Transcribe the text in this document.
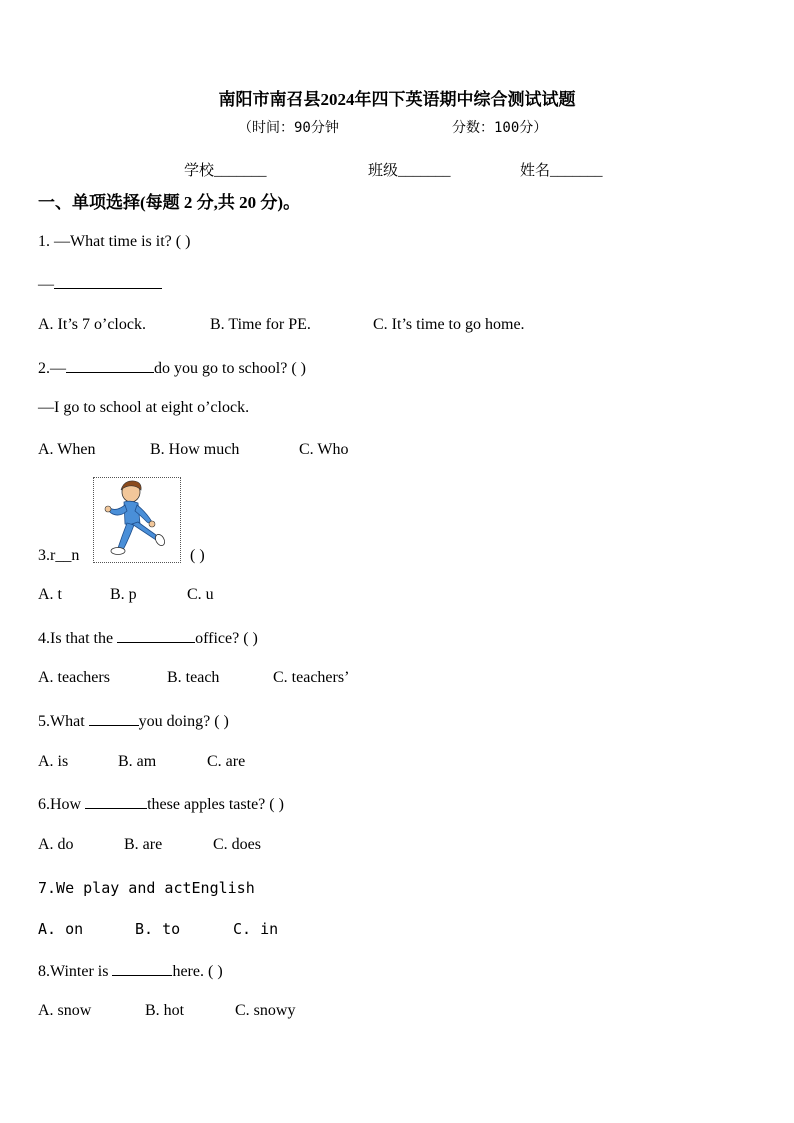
南阳市南召县2024年四下英语期中综合测试试题
（时间：90分钟	分数：100分）
学校_______	班级_______	姓名_______
一、单项选择(每题 2 分,共 20 分)。
1. —What time is it? ( )
—
A. It’s 7 o’clock.	B. Time for PE.	C. It’s time to go home.
2.—	do you go to school? ( )
—I go to school at eight o’clock.
A. When	B. How much	C. Who
3.r__n	( )
A. t	B. p	C. u
4.Is that the	office? ( )
A. teachers	B. teach	C. teachers’
5.What	you doing? ( )
A. is	B. am	C. are
6.How	these apples taste? ( )
A. do	B. are	C. does
7.We play and actEnglish
A. on	B. to	C. in
8.Winter is	here. ( )
A. snow	B. hot	C. snowy
